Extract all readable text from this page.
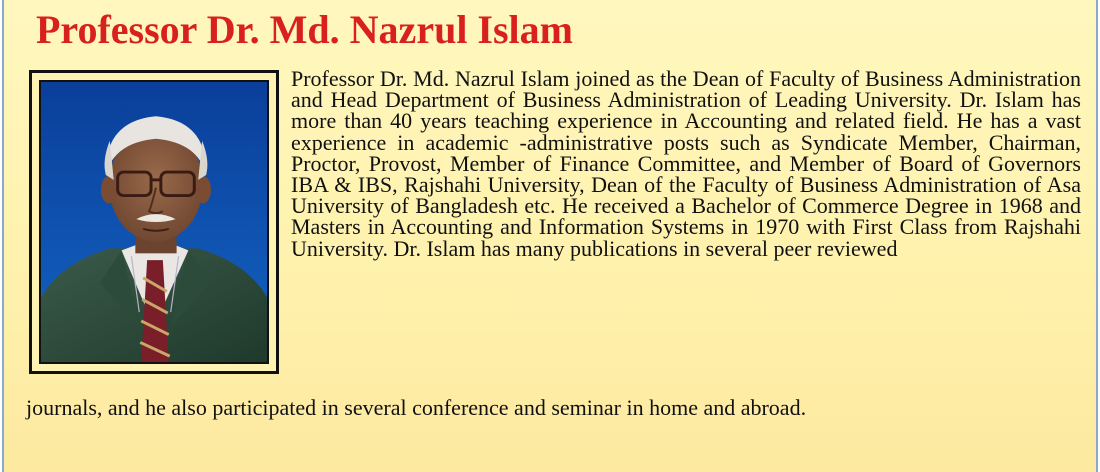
Professor Dr. Md. Nazrul Islam

Professor Dr. Md. Nazrul Islam joined as the Dean of Faculty of Business Administration and Head Department of Business Administration of Leading University. Dr. Islam has more than 40 years teaching experience in Accounting and related field. He has a vast experience in academic -administrative posts such as Syndicate Member, Chairman, Proctor, Provost, Member of Finance Committee, and Member of Board of Governors IBA & IBS, Rajshahi University, Dean of the Faculty of Business Administration of Asa University of Bangladesh etc. He received a Bachelor of Commerce Degree in 1968 and Masters in Accounting and Information Systems in 1970 with First Class from Rajshahi University. Dr. Islam has many publications in several peer reviewed

journals, and he also participated in several conference and seminar in home and abroad.
